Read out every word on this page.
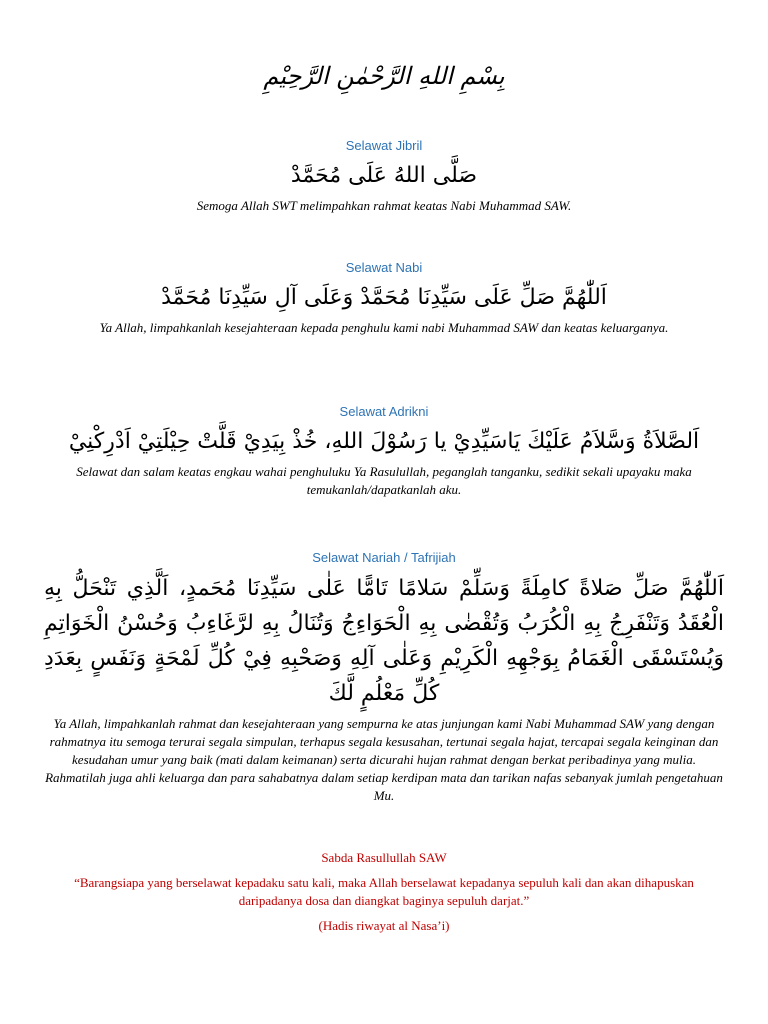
بِسْمِ اللهِ الرَّحْمٰنِ الرَّحِيْمِ

Selawat Jibril

صَلَّى اللهُ عَلَى مُحَمَّدْ

Semoga Allah SWT melimpahkan rahmat keatas Nabi Muhammad SAW.

Selawat Nabi

اَللّٰهُمَّ صَلِّ عَلَى سَيِّدِنَا مُحَمَّدْ وَعَلَى آلِ سَيِّدِنَا مُحَمَّدْ

Ya Allah, limpahkanlah kesejahteraan kepada penghulu kami nabi Muhammad SAW dan keatas keluarganya.

Selawat Adrikni

اَلصَّلاَةُ وَسَّلاَمُ عَلَيْكَ يَاسَيِّدِيْ يا رَسُوْلَ اللهِ، خُذْ بِيَدِيْ قَلَّتْ حِيْلَتِيْ اَدْرِكْنِيْ

Selawat dan salam keatas engkau wahai penghuluku Ya Rasulullah, peganglah tanganku, sedikit sekali upayaku maka temukanlah/dapatkanlah aku.

Selawat Nariah / Tafrijiah

اَللّٰهُمَّ صَلِّ صَلاةً كامِلَةً وَسَلِّمْ سَلامًا تَامًّا عَلٰى سَيِّدِنَا مُحَمدٍ، اَلَّذِي تَنْحَلُّ بِهِ الْعُقَدُ وَتَنْفَرِجُ بِهِ الْكُرَبُ وَتُقْضٰى بِهِ الْحَوَاءِجُ وَتُنَالُ بِهِ لرَّغَاءِبُ وَحُسْنُ الْخَوَاتِمِ وَيُسْتَسْقَى الْغَمَامُ بِوَجْهِهِ الْكَرِيْمِ وَعَلٰى آلِهِ وَصَحْبِهِ فِيْ كُلِّ لَمْحَةٍ وَنَفَسٍ بِعَدَدِ كُلِّ مَعْلُمٍ لَّكَ

Ya Allah, limpahkanlah rahmat dan kesejahteraan yang sempurna ke atas junjungan kami Nabi Muhammad SAW yang dengan rahmatnya itu semoga terurai segala simpulan, terhapus segala kesusahan, tertunai segala hajat, tercapai segala keinginan dan kesudahan umur yang baik (mati dalam keimanan) serta dicurahi hujan rahmat dengan berkat peribadinya yang mulia. Rahmatilah juga ahli keluarga dan para sahabatnya dalam setiap kerdipan mata dan tarikan nafas sebanyak jumlah pengetahuan Mu.

Sabda Rasullullah SAW

“Barangsiapa yang berselawat kepadaku satu kali, maka Allah berselawat kepadanya sepuluh kali dan akan dihapuskan daripadanya dosa dan diangkat baginya sepuluh darjat.”

(Hadis riwayat al Nasa’i)
